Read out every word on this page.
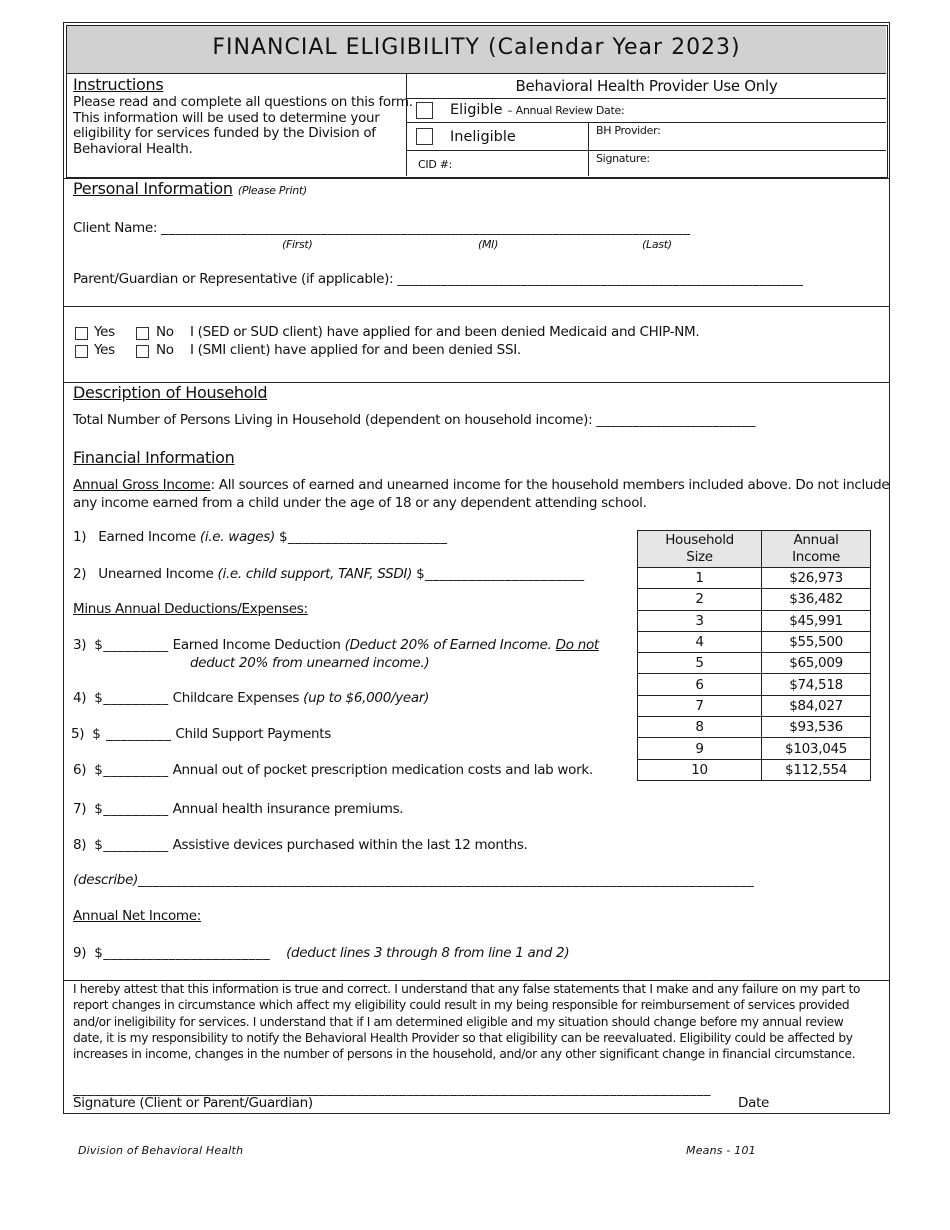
FINANCIAL ELIGIBILITY (Calendar Year 2023)
Instructions
Please read and complete all questions on this form.
This information will be used to determine your
eligibility for services funded by the Division of
Behavioral Health.
Behavioral Health Provider Use Only
Eligible – Annual Review Date:
Ineligible	BH Provider:
CID #:	Signature:
Personal Information (Please Print)
Client Name: _________________________________________________________________________
(First)	(MI)	(Last)
Parent/Guardian or Representative (if applicable): ________________________________________________________
Yes	No I (SED or SUD client) have applied for and been denied Medicaid and CHIP-NM.
Yes	No I (SMI client) have applied for and been denied SSI.
Description of Household
Total Number of Persons Living in Household (dependent on household income): ______________________
Financial Information
Annual Gross Income: All sources of earned and unearned income for the household members included above. Do not include
any income earned from a child under the age of 18 or any dependent attending school.
1) Earned Income (i.e. wages) $______________________
2) Unearned Income (i.e. child support, TANF, SSDI) $______________________
Minus Annual Deductions/Expenses:
3) $_________ Earned Income Deduction (Deduct 20% of Earned Income. Do not
deduct 20% from unearned income.)
4) $_________ Childcare Expenses (up to $6,000/year)
5) $ _________ Child Support Payments
6) $_________ Annual out of pocket prescription medication costs and lab work.
7) $_________ Annual health insurance premiums.
8) $_________ Assistive devices purchased within the last 12 months.
(describe)_____________________________________________________________________________________
Annual Net Income:
9) $_______________________ (deduct lines 3 through 8 from line 1 and 2)
Household Size	Annual Income
1	$26,973
2	$36,482
3	$45,991
4	$55,500
5	$65,009
6	$74,518
7	$84,027
8	$93,536
9	$103,045
10	$112,554
I hereby attest that this information is true and correct. I understand that any false statements that I make and any failure on my part to report changes in circumstance which affect my eligibility could result in my being responsible for reimbursement of services provided and/or ineligibility for services. I understand that if I am determined eligible and my situation should change before my annual review date, it is my responsibility to notify the Behavioral Health Provider so that eligibility can be reevaluated. Eligibility could be affected by increases in income, changes in the number of persons in the household, and/or any other significant change in financial circumstance.
________________________________________________________________________________________
Signature (Client or Parent/Guardian)	Date
Division of Behavioral Health	Means - 101
